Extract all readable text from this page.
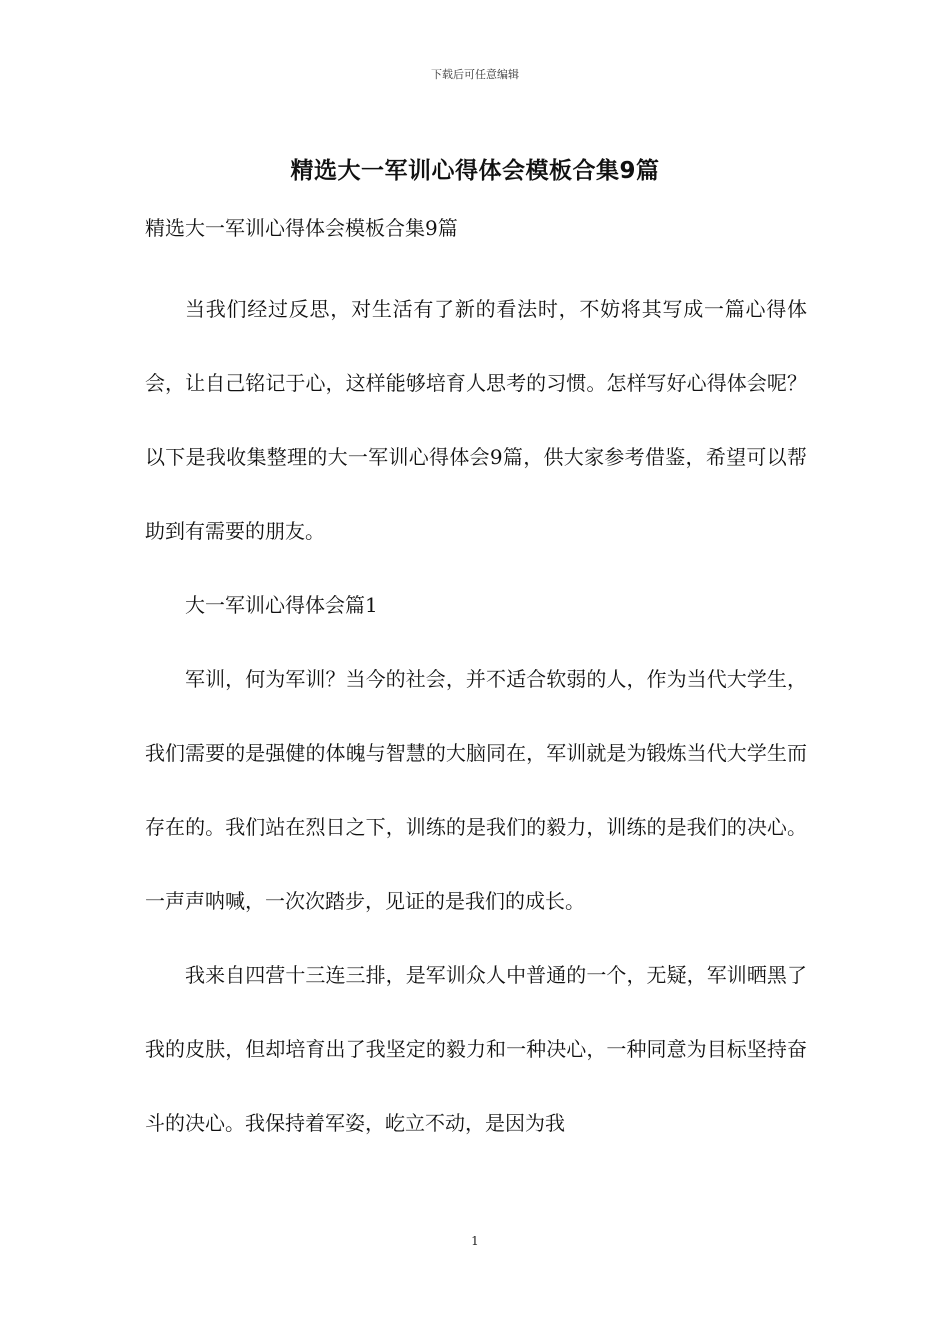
下载后可任意编辑
精选大一军训心得体会模板合集9篇
精选大一军训心得体会模板合集9篇

当我们经过反思，对生活有了新的看法时，不妨将其写成一篇心得体会，让自己铭记于心，这样能够培育人思考的习惯。怎样写好心得体会呢？以下是我收集整理的大一军训心得体会9篇，供大家参考借鉴，希望可以帮助到有需要的朋友。

大一军训心得体会篇1

军训，何为军训？当今的社会，并不适合软弱的人，作为当代大学生，我们需要的是强健的体魄与智慧的大脑同在，军训就是为锻炼当代大学生而存在的。我们站在烈日之下，训练的是我们的毅力，训练的是我们的决心。一声声呐喊，一次次踏步，见证的是我们的成长。

我来自四营十三连三排，是军训众人中普通的一个，无疑，军训晒黑了我的皮肤，但却培育出了我坚定的毅力和一种决心，一种同意为目标坚持奋斗的决心。我保持着军姿，屹立不动，是因为我

1
